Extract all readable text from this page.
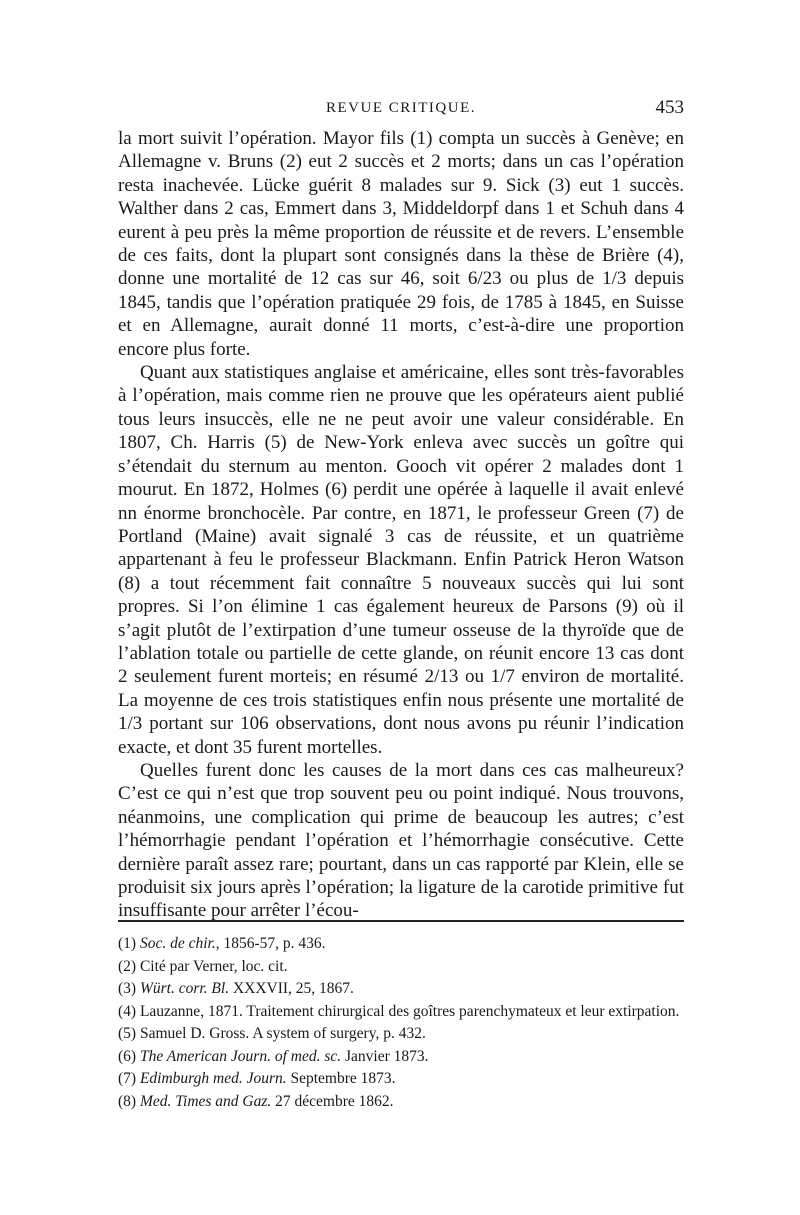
REVUE CRITIQUE.	453

la mort suivit l’opération. Mayor fils (1) compta un succès à Genève; en Allemagne v. Bruns (2) eut 2 succès et 2 morts; dans un cas l’opération resta inachevée. Lücke guérit 8 malades sur 9. Sick (3) eut 1 succès. Walther dans 2 cas, Emmert dans 3, Middeldorpf dans 1 et Schuh dans 4 eurent à peu près la même proportion de réussite et de revers. L’ensemble de ces faits, dont la plupart sont consignés dans la thèse de Brière (4), donne une mortalité de 12 cas sur 46, soit 6/23 ou plus de 1/3 depuis 1845, tandis que l’opération pratiquée 29 fois, de 1785 à 1845, en Suisse et en Allemagne, aurait donné 11 morts, c’est-à-dire une proportion encore plus forte.

Quant aux statistiques anglaise et américaine, elles sont très-favorables à l’opération, mais comme rien ne prouve que les opérateurs aient publié tous leurs insuccès, elle ne ne peut avoir une valeur considérable. En 1807, Ch. Harris (5) de New-York enleva avec succès un goître qui s’étendait du sternum au menton. Gooch vit opérer 2 malades dont 1 mourut. En 1872, Holmes (6) perdit une opérée à laquelle il avait enlevé nn énorme bronchocèle. Par contre, en 1871, le professeur Green (7) de Portland (Maine) avait signalé 3 cas de réussite, et un quatrième appartenant à feu le professeur Blackmann. Enfin Patrick Heron Watson (8) a tout récemment fait connaître 5 nouveaux succès qui lui sont propres. Si l’on élimine 1 cas également heureux de Parsons (9) où il s’agit plutôt de l’extirpation d’une tumeur osseuse de la thyroïde que de l’ablation totale ou partielle de cette glande, on réunit encore 13 cas dont 2 seulement furent morteis; en résumé 2/13 ou 1/7 environ de mortalité. La moyenne de ces trois statistiques enfin nous présente une mortalité de 1/3 portant sur 106 observations, dont nous avons pu réunir l’indication exacte, et dont 35 furent mortelles.

Quelles furent donc les causes de la mort dans ces cas malheureux? C’est ce qui n’est que trop souvent peu ou point indiqué. Nous trouvons, néanmoins, une complication qui prime de beaucoup les autres; c’est l’hémorrhagie pendant l’opération et l’hémorrhagie consécutive. Cette dernière paraît assez rare; pourtant, dans un cas rapporté par Klein, elle se produisit six jours après l’opération; la ligature de la carotide primitive fut insuffisante pour arrêter l’écou-

(1) Soc. de chir., 1856-57, p. 436.
(2) Cité par Verner, loc. cit.
(3) Würt. corr. Bl. XXXVII, 25, 1867.
(4) Lauzanne, 1871. Traitement chirurgical des goîtres parenchymateux et leur extirpation.
(5) Samuel D. Gross. A system of surgery, p. 432.
(6) The American Journ. of med. sc. Janvier 1873.
(7) Edimburgh med. Journ. Septembre 1873.
(8) Med. Times and Gaz. 27 décembre 1862.
